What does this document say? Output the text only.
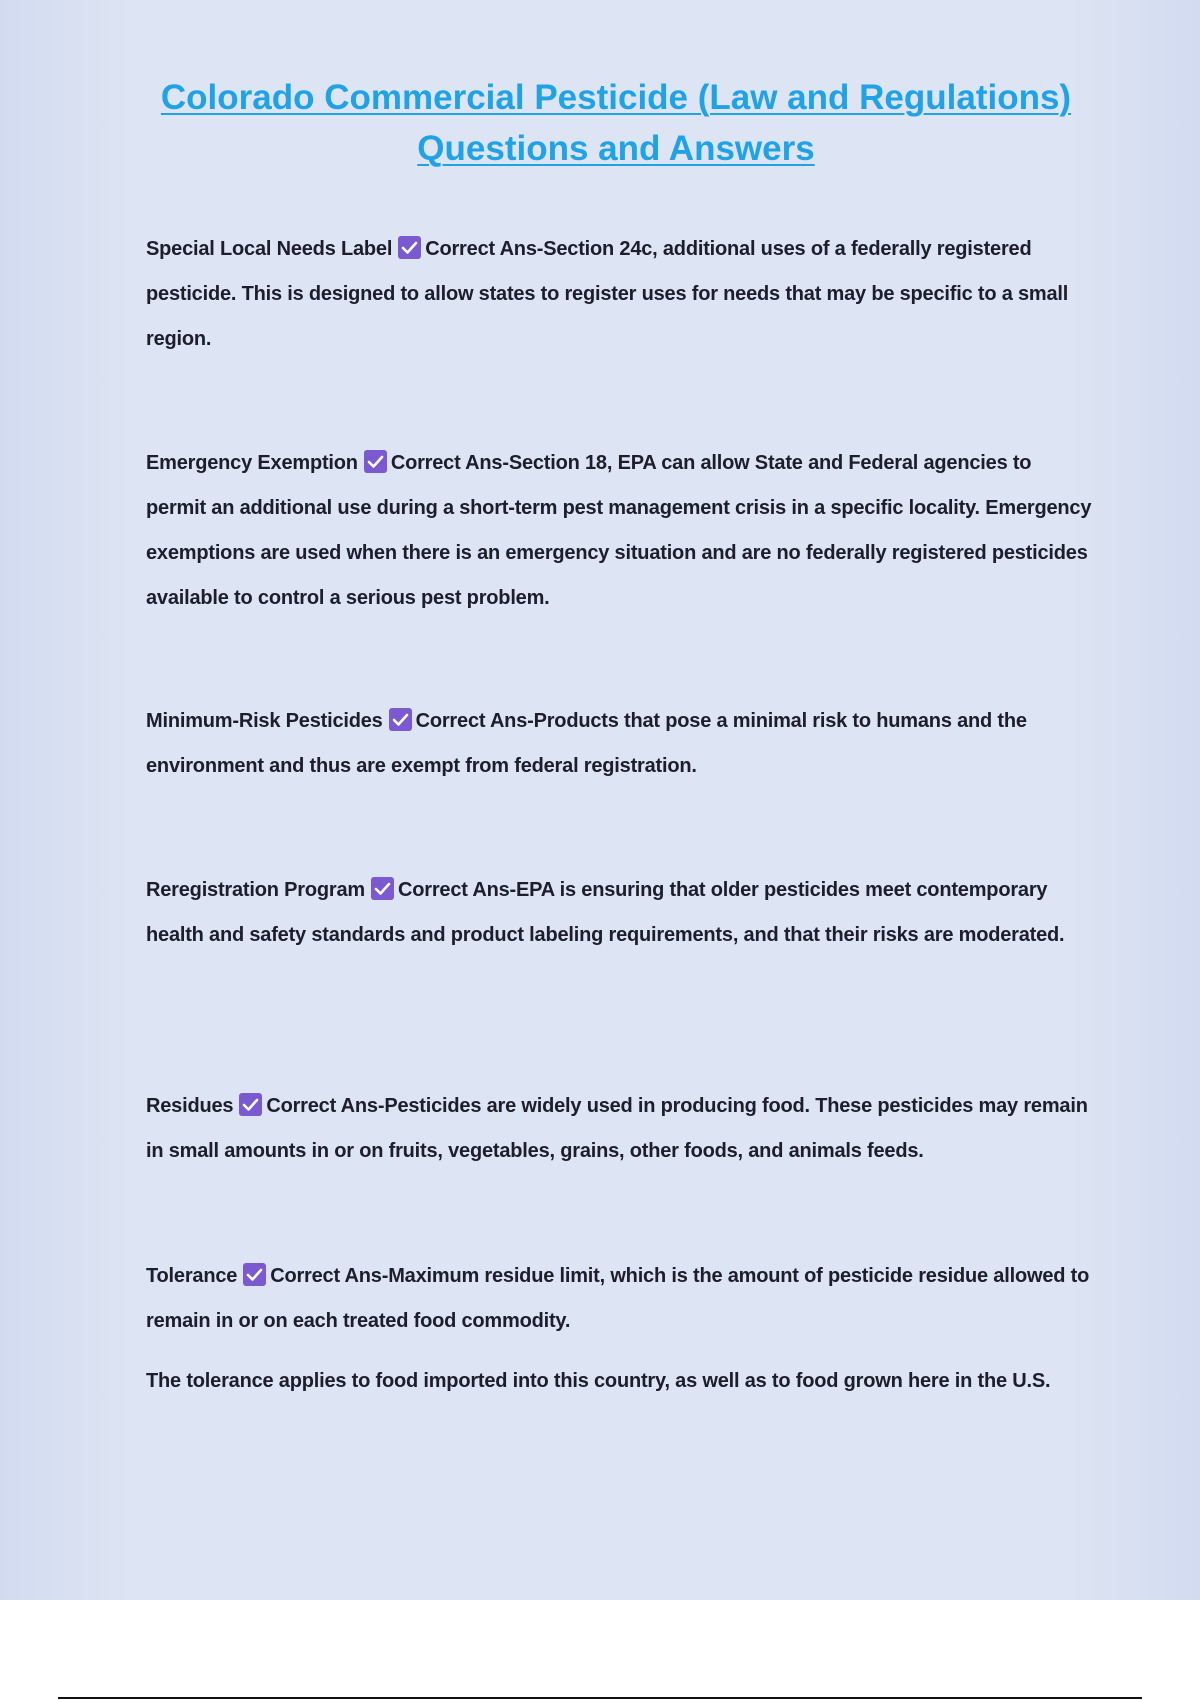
Colorado Commercial Pesticide (Law and Regulations)
Questions and Answers
Special Local Needs Label Correct Ans-Section 24c, additional uses of a federally registered pesticide. This is designed to allow states to register uses for needs that may be specific to a small region.
Emergency Exemption Correct Ans-Section 18, EPA can allow State and Federal agencies to permit an additional use during a short-term pest management crisis in a specific locality. Emergency exemptions are used when there is an emergency situation and are no federally registered pesticides available to control a serious pest problem.
Minimum-Risk Pesticides Correct Ans-Products that pose a minimal risk to humans and the environment and thus are exempt from federal registration.
Reregistration Program Correct Ans-EPA is ensuring that older pesticides meet contemporary health and safety standards and product labeling requirements, and that their risks are moderated.
Residues Correct Ans-Pesticides are widely used in producing food. These pesticides may remain in small amounts in or on fruits, vegetables, grains, other foods, and animals feeds.
Tolerance Correct Ans-Maximum residue limit, which is the amount of pesticide residue allowed to remain in or on each treated food commodity.
The tolerance applies to food imported into this country, as well as to food grown here in the U.S.
